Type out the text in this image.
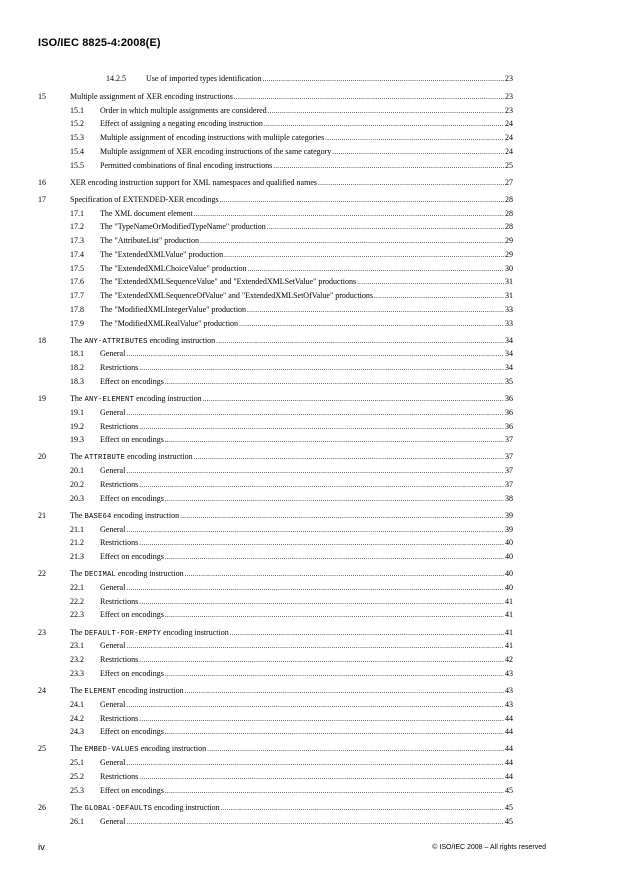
ISO/IEC 8825-4:2008(E)
14.2.5	Use of imported types identification .....	23
15	Multiple assignment of XER encoding instructions .....	23
15.1 Order in which multiple assignments are considered .....	23
15.2 Effect of assigning a negating encoding instruction .....	24
15.3 Multiple assignment of encoding instructions with multiple categories .....	24
15.4 Multiple assignment of XER encoding instructions of the same category .....	24
15.5 Permitted combinations of final encoding instructions .....	25
16	XER encoding instruction support for XML namespaces and qualified names .....	27
17	Specification of EXTENDED-XER encodings .....	28
17.1 The XML document element .....	28
17.2 The "TypeNameOrModifiedTypeName" production .....	28
17.3 The "AttributeList" production .....	29
17.4 The "ExtendedXMLValue" production .....	29
17.5 The "ExtendedXMLChoiceValue" production .....	30
17.6 The "ExtendedXMLSequenceValue" and "ExtendedXMLSetValue" productions .....	31
17.7 The "ExtendedXMLSequenceOfValue" and "ExtendedXMLSetOfValue" productions .....	31
17.8 The "ModifiedXMLIntegerValue" production .....	33
17.9 The "ModifiedXMLRealValue" production .....	33
18	The ANY-ATTRIBUTES encoding instruction .....	34
18.1 General .....	34
18.2 Restrictions .....	34
18.3 Effect on encodings .....	35
19	The ANY-ELEMENT encoding instruction .....	36
19.1 General .....	36
19.2 Restrictions .....	36
19.3 Effect on encodings .....	37
20	The ATTRIBUTE encoding instruction .....	37
20.1 General .....	37
20.2 Restrictions .....	37
20.3 Effect on encodings .....	38
21	The BASE64 encoding instruction .....	39
21.1 General .....	39
21.2 Restrictions .....	40
21.3 Effect on encodings .....	40
22	The DECIMAL encoding instruction .....	40
22.1 General .....	40
22.2 Restrictions .....	41
22.3 Effect on encodings .....	41
23	The DEFAULT-FOR-EMPTY encoding instruction .....	41
23.1 General .....	41
23.2 Restrictions .....	42
23.3 Effect on encodings .....	43
24	The ELEMENT encoding instruction .....	43
24.1 General .....	43
24.2 Restrictions .....	44
24.3 Effect on encodings .....	44
25	The EMBED-VALUES encoding instruction .....	44
25.1 General .....	44
25.2 Restrictions .....	44
25.3 Effect on encodings .....	45
26	The GLOBAL-DEFAULTS encoding instruction .....	45
26.1 General .....	45
iv	© ISO/IEC 2008 – All rights reserved
